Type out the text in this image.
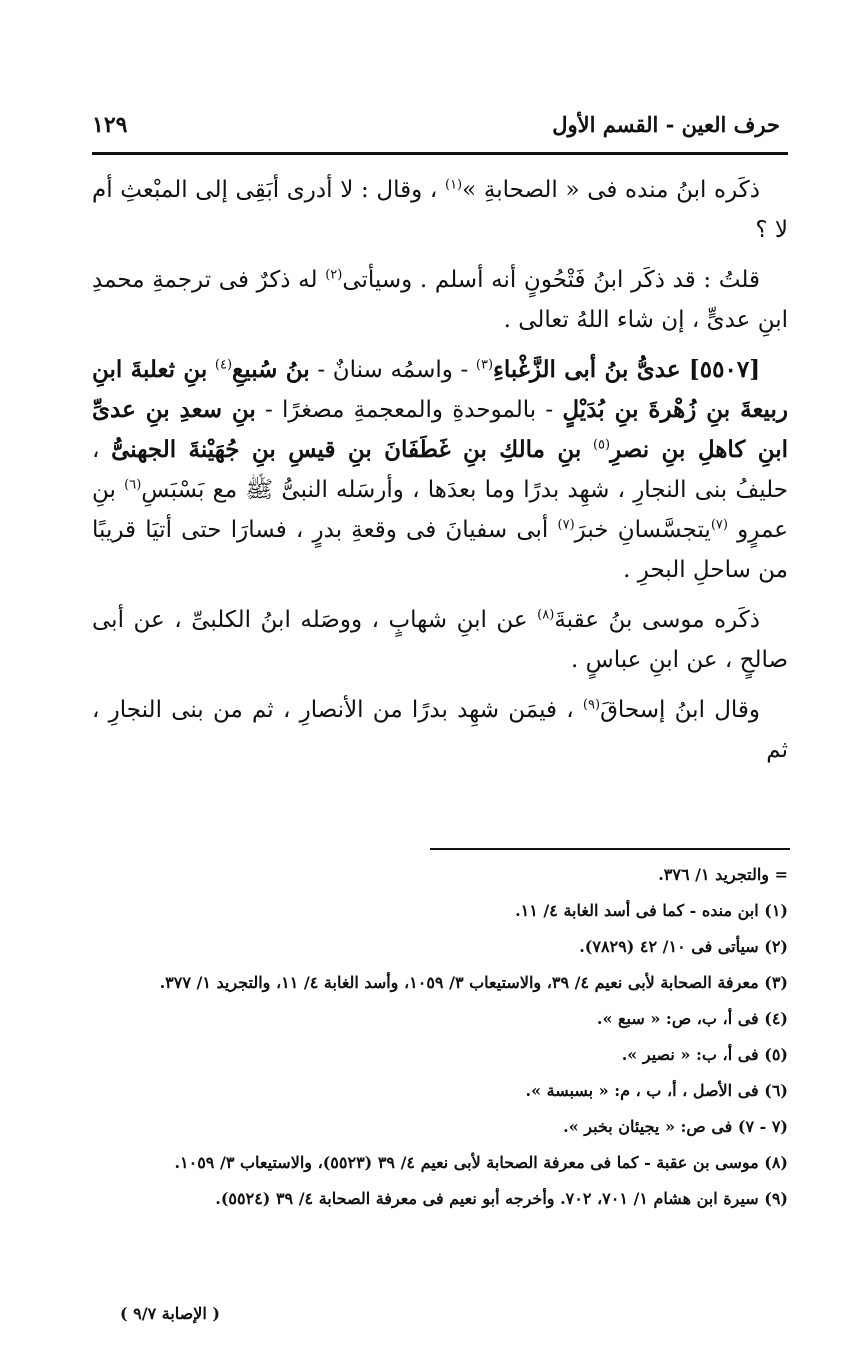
حرف العين - القسم الأول
١٢٩

ذكَره ابنُ منده فى « الصحابةِ »$^{(١)}$ ، وقال : لا أدرى أبَقِى إلى المبْعثِ أم لا ؟

قلتُ : قد ذكَر ابنُ فَتْحُونٍ أنه أسلم . وسيأتى$^{(٢)}$ له ذكرٌ فى ترجمةِ محمدِ ابنِ عدىٍّ ، إن شاء اللهُ تعالى .

[٥٥٠٧] عدىُّ بنُ أبى الزَّغْباءِ$^{(٣)}$ - واسمُه سنانٌ - بنُ سُبيعِ$^{(٤)}$ بنِ ثعلبةَ ابنِ ربيعةَ بنِ زُهْرةَ بنِ بُدَيْلٍ - بالموحدةِ والمعجمةِ مصغرًا - بنِ سعدِ بنِ عدىِّ ابنِ كاهلِ بنِ نصرِ$^{(٥)}$ بنِ مالكِ بنِ غَطَفَانَ بنِ قيسِ بنِ جُهَيْنةَ الجهنىُّ ، حليفُ بنى النجارِ ، شهِد بدرًا وما بعدَها ، وأرسَله النبىُّ ﷺ مع بَسْبَسِ$^{(٦)}$ بنِ عمرٍو $^{(٧)}$يتجسَّسانِ خبرَ$^{(٧)}$ أبى سفيانَ فى وقعةِ بدرٍ ، فسارَا حتى أتيَا قريبًا من ساحلِ البحرِ .

ذكَره موسى بنُ عقبةَ$^{(٨)}$ عن ابنِ شهابٍ ، ووصَله ابنُ الكلبىِّ ، عن أبى صالحٍ ، عن ابنِ عباسٍ .

وقال ابنُ إسحاقَ$^{(٩)}$ ، فيمَن شهِد بدرًا من الأنصارِ ، ثم من بنى النجارِ ، ثم

= والتجريد ١/ ٣٧٦.
(١) ابن منده - كما فى أسد الغابة ٤/ ١١.
(٢) سيأتى فى ١٠/ ٤٢ (٧٨٢٩).
(٣) معرفة الصحابة لأبى نعيم ٤/ ٣٩، والاستيعاب ٣/ ١٠٥٩، وأسد الغابة ٤/ ١١، والتجريد ١/ ٣٧٧.
(٤) فى أ، ب، ص: « سبع ».
(٥) فى أ، ب: « نصير ».
(٦) فى الأصل ، أ، ب ، م: « بسبسة ».
(٧ - ٧) فى ص: « يجيئان بخبر ».
(٨) موسى بن عقبة - كما فى معرفة الصحابة لأبى نعيم ٤/ ٣٩ (٥٥٢٣)، والاستيعاب ٣/ ١٠٥٩.
(٩) سيرة ابن هشام ١/ ٧٠١، ٧٠٢. وأخرجه أبو نعيم فى معرفة الصحابة ٤/ ٣٩ (٥٥٢٤).
( الإصابة ٩/٧ )
